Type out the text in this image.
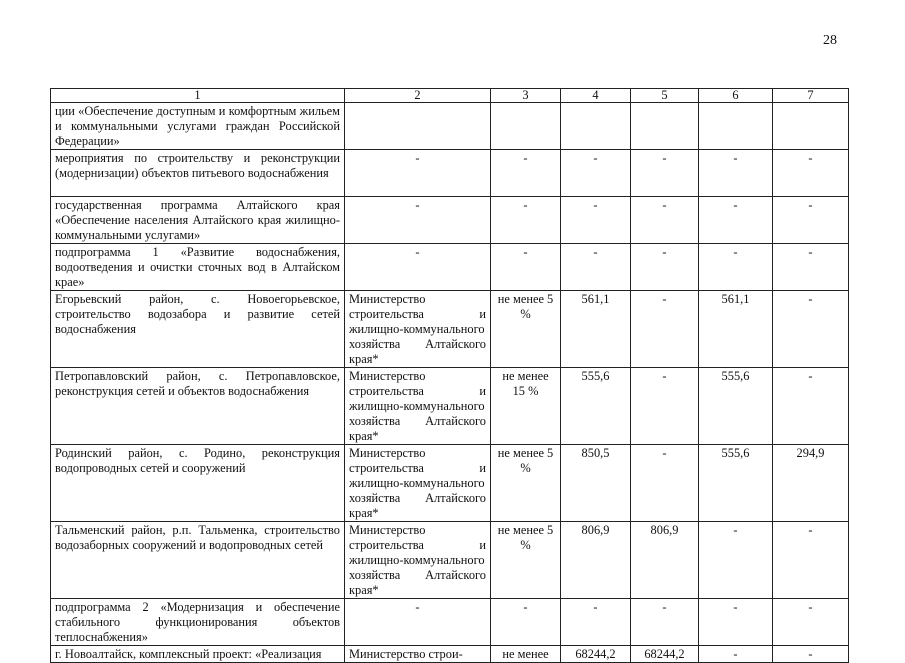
28
1	2	3	4	5	6	7
ции «Обеспечение доступным и комфортным жильем и коммунальными услугами граждан Российской Федерации»						
мероприятия по строительству и реконструкции (модернизации) объектов питьевого водоснабжения	-	-	-	-	-	-
государственная программа Алтайского края «Обеспечение населения Алтайского края жилищно-коммунальными услугами»	-	-	-	-	-	-
подпрограмма 1 «Развитие водоснабжения, водоотведения и очистки сточных вод в Алтайском крае»	-	-	-	-	-	-
Егорьевский район, с. Новоегорьевское, строительство водозабора и развитие сетей водоснабжения	Министерство строительства и жилищно-коммунального хозяйства Алтайского края*	не менее 5 %	561,1	-	561,1	-
Петропавловский район, с. Петропавловское, реконструкция сетей и объектов водоснабжения	Министерство строительства и жилищно-коммунального хозяйства Алтайского края*	не менее 15 %	555,6	-	555,6	-
Родинский район, с. Родино, реконструкция водопроводных сетей и сооружений	Министерство строительства и жилищно-коммунального хозяйства Алтайского края*	не менее 5 %	850,5	-	555,6	294,9
Тальменский район, р.п. Тальменка, строительство водозаборных сооружений и водопроводных сетей	Министерство строительства и жилищно-коммунального хозяйства Алтайского края*	не менее 5 %	806,9	806,9	-	-
подпрограмма 2 «Модернизация и обеспечение стабильного функционирования объектов теплоснабжения»	-	-	-	-	-	-
г. Новоалтайск, комплексный проект: «Реализация	Министерство строи-	не менее	68244,2	68244,2	-	-
